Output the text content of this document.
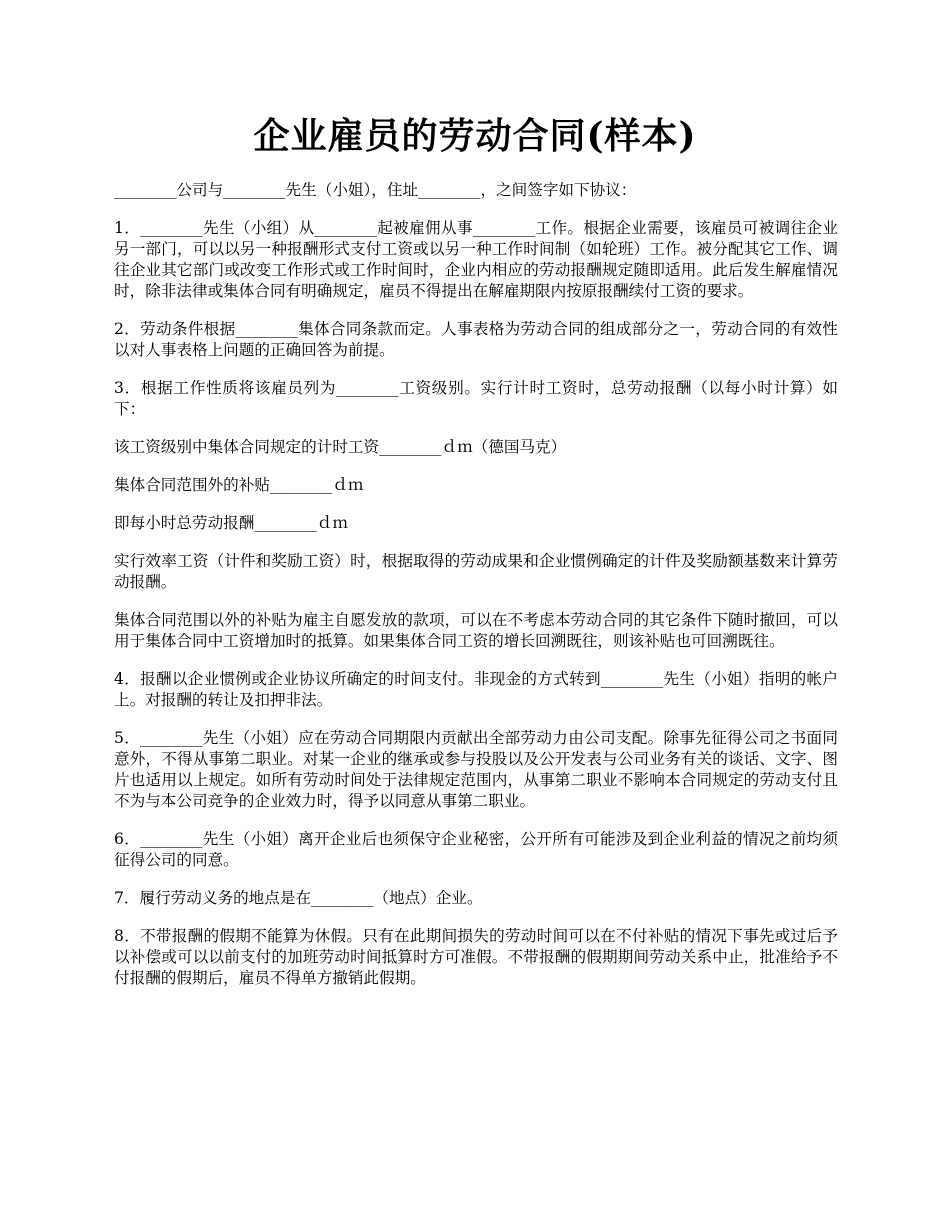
企业雇员的劳动合同(样本)

________公司与________先生（小姐），住址________，之间签字如下协议：

1．________先生（小组）从________起被雇佣从事________工作。根据企业需要，该雇员可被调往企业另一部门，可以以另一种报酬形式支付工资或以另一种工作时间制（如轮班）工作。被分配其它工作、调往企业其它部门或改变工作形式或工作时间时，企业内相应的劳动报酬规定随即适用。此后发生解雇情况时，除非法律或集体合同有明确规定，雇员不得提出在解雇期限内按原报酬续付工资的要求。

2．劳动条件根据________集体合同条款而定。人事表格为劳动合同的组成部分之一，劳动合同的有效性以对人事表格上问题的正确回答为前提。

3．根据工作性质将该雇员列为________工资级别。实行计时工资时，总劳动报酬（以每小时计算）如下：

该工资级别中集体合同规定的计时工资________ｄｍ（德国马克）

集体合同范围外的补贴________ｄｍ

即每小时总劳动报酬________ｄｍ

实行效率工资（计件和奖励工资）时，根据取得的劳动成果和企业惯例确定的计件及奖励额基数来计算劳动报酬。

集体合同范围以外的补贴为雇主自愿发放的款项，可以在不考虑本劳动合同的其它条件下随时撤回，可以用于集体合同中工资增加时的抵算。如果集体合同工资的增长回溯既往，则该补贴也可回溯既往。

4．报酬以企业惯例或企业协议所确定的时间支付。非现金的方式转到________先生（小姐）指明的帐户上。对报酬的转让及扣押非法。

5．________先生（小姐）应在劳动合同期限内贡献出全部劳动力由公司支配。除事先征得公司之书面同意外，不得从事第二职业。对某一企业的继承或参与投股以及公开发表与公司业务有关的谈话、文字、图片也适用以上规定。如所有劳动时间处于法律规定范围内，从事第二职业不影响本合同规定的劳动支付且不为与本公司竞争的企业效力时，得予以同意从事第二职业。

6．________先生（小姐）离开企业后也须保守企业秘密，公开所有可能涉及到企业利益的情况之前均须征得公司的同意。

7．履行劳动义务的地点是在________（地点）企业。

8．不带报酬的假期不能算为休假。只有在此期间损失的劳动时间可以在不付补贴的情况下事先或过后予以补偿或可以以前支付的加班劳动时间抵算时方可准假。不带报酬的假期期间劳动关系中止，批准给予不付报酬的假期后，雇员不得单方撤销此假期。
